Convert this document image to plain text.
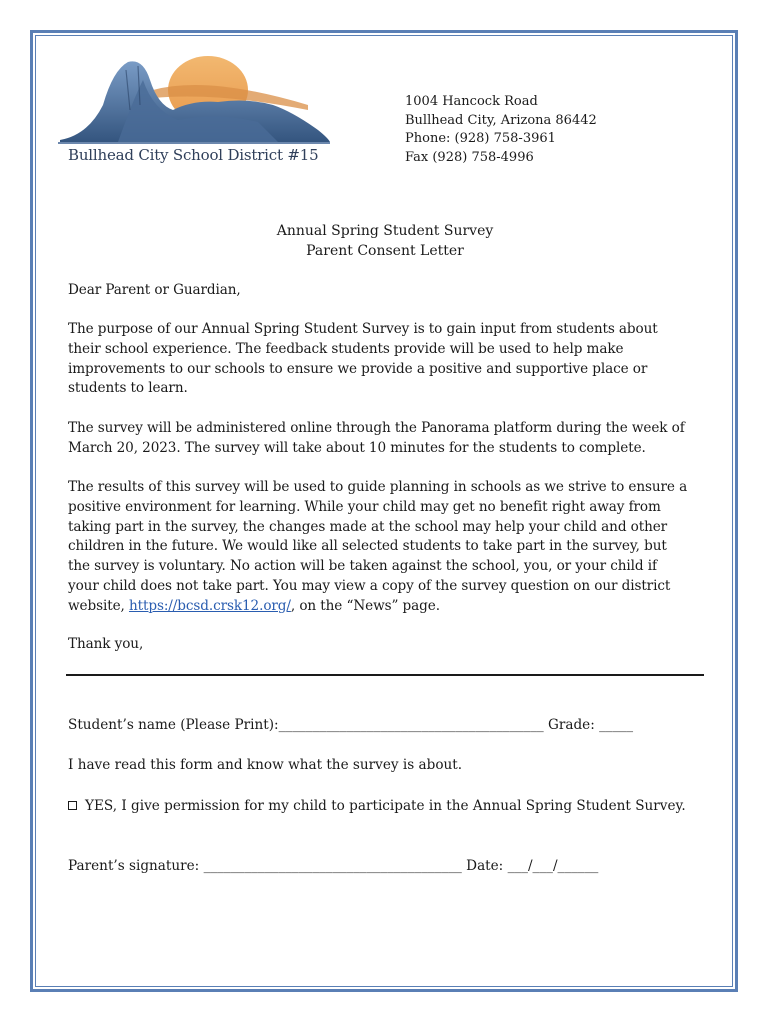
Bullhead City School District #15
1004 Hancock Road
Bullhead City, Arizona 86442
Phone: (928) 758-3961
Fax (928) 758-4996
Annual Spring Student Survey
Parent Consent Letter
Dear Parent or Guardian,
The purpose of our Annual Spring Student Survey is to gain input from students about
their school experience. The feedback students provide will be used to help make
improvements to our schools to ensure we provide a positive and supportive place or
students to learn.
The survey will be administered online through the Panorama platform during the week of
March 20, 2023. The survey will take about 10 minutes for the students to complete.
The results of this survey will be used to guide planning in schools as we strive to ensure a
positive environment for learning. While your child may get no benefit right away from
taking part in the survey, the changes made at the school may help your child and other
children in the future. We would like all selected students to take part in the survey, but
the survey is voluntary. No action will be taken against the school, you, or your child if
your child does not take part. You may view a copy of the survey question on our district
website, https://bcsd.crsk12.org/, on the “News” page.
Thank you,
Student’s name (Please Print):_______________________________________ Grade: _____
I have read this form and know what the survey is about.
YES, I give permission for my child to participate in the Annual Spring Student Survey.
Parent’s signature: ______________________________________ Date: ___/___/______
